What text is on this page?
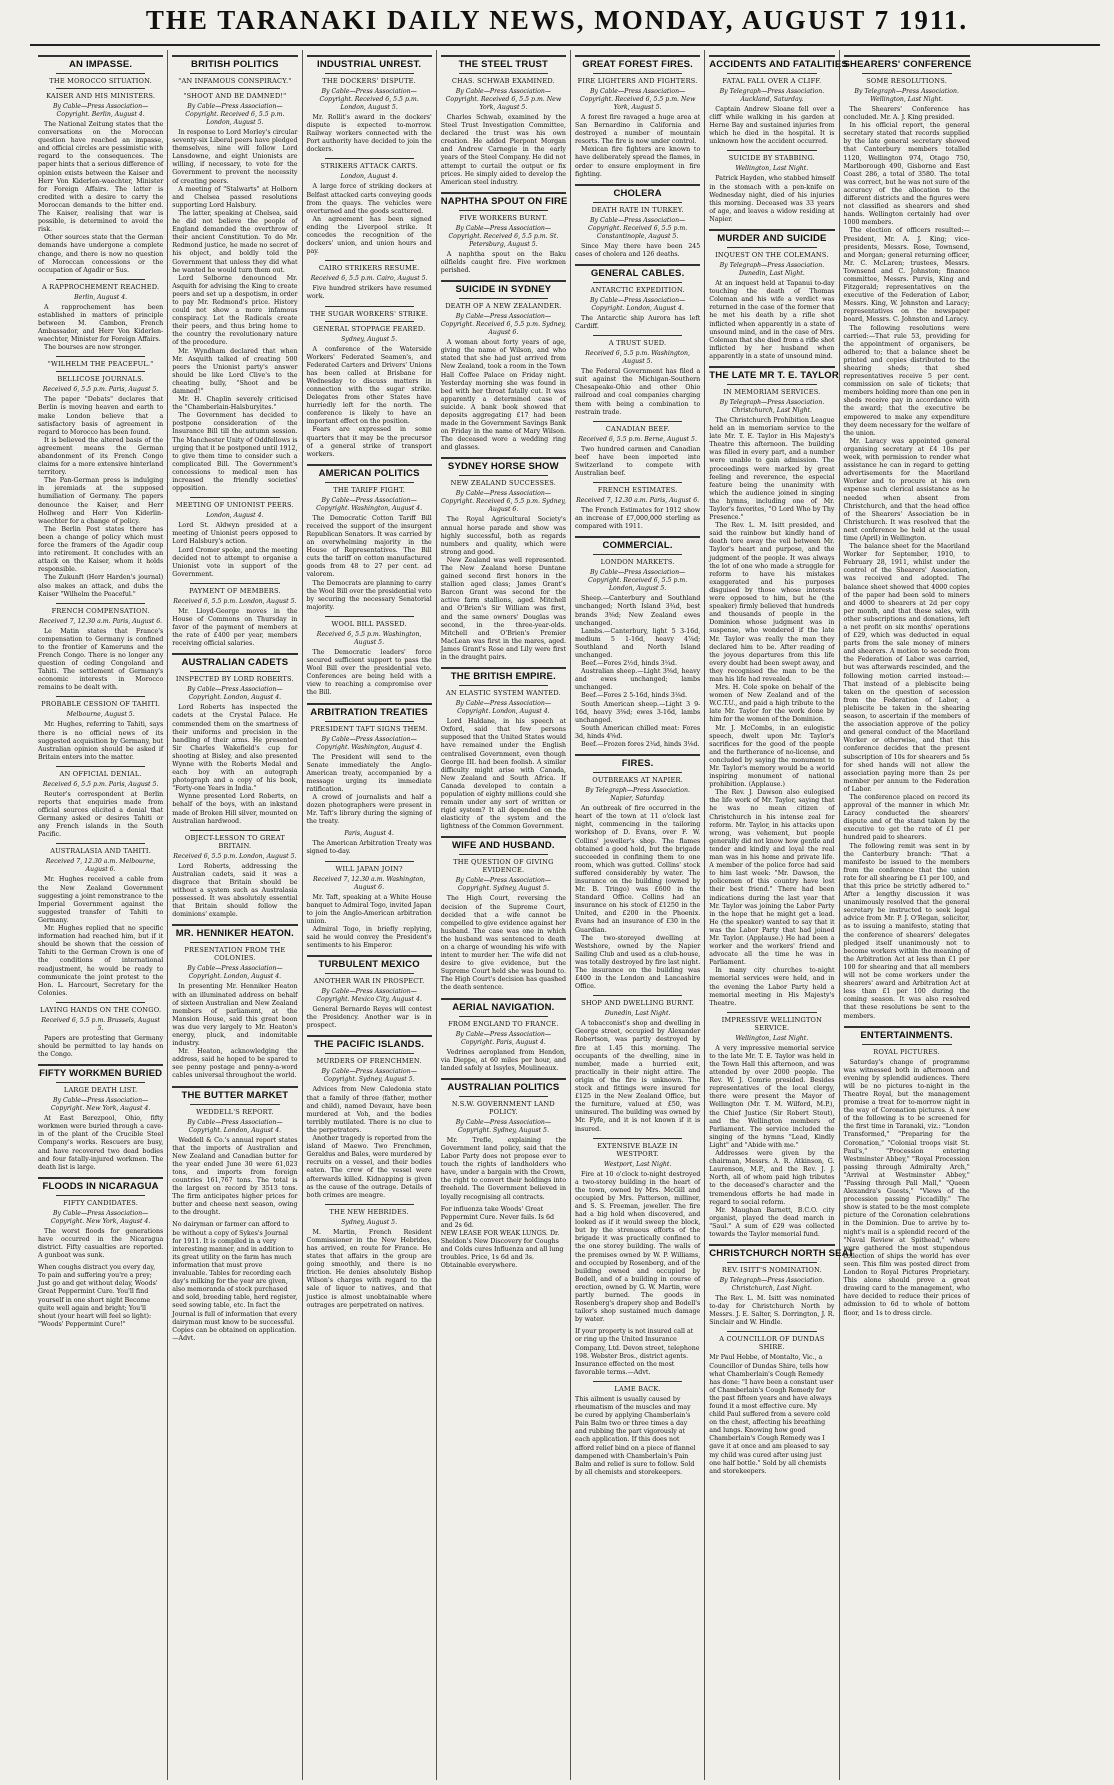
THE TARANAKI DAILY NEWS, MONDAY, AUGUST 7 1911.
AN IMPASSE.
THE MOROCCO SITUATION.
KAISER AND HIS MINISTERS.
By Cable—Press Association—Copyright. Berlin, August 4.

The National Zeitung states that the conversations on the Moroccan question have reached an impasse, and official circles are pessimistic with regard to the consequences. The paper hints that a serious difference of opinion exists between the Kaiser and Herr Von Kiderlen-waechter, Minister for Foreign Affairs. The latter is credited with a desire to carry the Moroccan demands to the bitter end. The Kaiser, realising that war is possible, is determined to avoid the risk.

Other sources state that the German demands have undergone a complete change, and there is now no question of Moroccan concessions or the occupation of Agadir or Sus.

A RAPPROCHEMENT REACHED.
Berlin, August 4.

A rapprochement has been established in matters of principle between M. Cambon, French Ambassador, and Herr Von Kiderlen-waechter, Minister for Foreign Affairs.

The bourses are now stronger.

"WILHELM THE PEACEFUL."
BELLICOSE JOURNALS.
Received 6, 5.5 p.m. Paris, August 5.

The paper "Debats" declares that Berlin is moving heaven and earth to make London believe that a satisfactory basis of agreement in regard to Morocco has been found.

It is believed the altered basis of the agreement means the German abandonment of its French Congo claims for a more extensive hinterland territory.

The Pan-German press is indulging in jeremiads at the supposed humiliation of Germany. The papers denounce the Kaiser, and Herr Hollweg and Herr Von Kiderlin-waechter for a change of policy.

The Berlin Post states there has been a change of policy which must force the framers of the Agadir coup into retirement. It concludes with an attack on the Kaiser, whom it holds responsible.

The Zukunft (Herr Harden's journal) also makes an attack, and dubs the Kaiser "Wilhelm the Peaceful."

FRENCH COMPENSATION.
Received 7, 12.30 a.m. Paris, August 6.

Le Matin states that France's compensation to Germany is confined to the frontier of Kameruns and the French Congo. There is no longer any question of ceding Congoland and Tahiti. The settlement of Germany's economic interests in Morocco remains to be dealt with.

PROBABLE CESSION OF TAHITI.
Melbourne, August 5.

Mr. Hughes, referring to Tahiti, says there is no official news of its suggested acquisition by Germany, but Australian opinion should be asked if Britain enters into the matter.

AN OFFICIAL DENIAL.
Received 6, 5.5 p.m. Paris, August 5.

Reuter's correspondent at Berlin reports that enquiries made from official sources elicited a denial that Germany asked or desires Tahiti or any French islands in the South Pacific.

AUSTRALASIA AND TAHITI.
Received 7, 12.30 a.m. Melbourne, August 6.

Mr. Hughes received a cable from the New Zealand Government suggesting a joint remonstrance to the Imperial Government against the suggested transfer of Tahiti to Germany.

Mr. Hughes replied that no specific information had reached him, but if it should be shown that the cession of Tahiti to the German Crown is one of the conditions of international readjustment, he would be ready to communicate the joint protest to the Hon. L. Harcourt, Secretary for the Colonies.

LAYING HANDS ON THE CONGO.
Received 6, 5.5 p.m. Brussels, August 5.

Papers are protesting that Germany should be permitted to lay hands on the Congo.

FIFTY WORKMEN BURIED
LARGE DEATH LIST.
By Cable—Press Association—Copyright. New York, August 4.

At East Berezpool, Ohio, fifty workmen were buried through a cave-in of the plant of the Crucible Steel Company's works. Rescuers are busy, and have recovered two dead bodies and four fatally-injured workmen. The death list is large.

FLOODS IN NICARAGUA
FIFTY CANDIDATES.
By Cable—Press Association—Copyright. New York, August 4.

The worst floods for generations have occurred in the Nicaragua district. Fifty casualties are reported. A gunboat was sunk.

When coughs distract you every day, To pain and suffering you're a prey; Just go and get without delay, Woods' Great Peppermint Cure. You'll find yourself in one short night Become quite well again and bright; You'll shout (your heart will feel so light): "Woods' Peppermint Cure!"

BRITISH POLITICS
"AN INFAMOUS CONSPIRACY."
"SHOOT AND BE DAMNED!"
By Cable—Press Association—Copyright. Received 6, 5.5 p.m. London, August 5.

In response to Lord Morley's circular seventy-six Liberal peers have pledged themselves, nine will follow Lord Lansdowne, and eight Unionists are willing, if necessary, to vote for the Government to prevent the necessity of creating peers.

A meeting of "Stalwarts" at Holborn and Chelsea passed resolutions supporting Lord Halsbury.

The latter, speaking at Chelsea, said he did not believe the people of England demanded the overthrow of their ancient Constitution. To do Mr. Redmond justice, he made no secret of his object, and boldly told the Government that unless they did what he wanted he would turn them out.

Lord Selborne denounced Mr. Asquith for advising the King to create peers and set up a despotism, in order to pay Mr. Redmond's price. History could not show a more infamous conspiracy. Let the Radicals create their peers, and thus bring home to the country the revolutionary nature of the procedure.

Mr. Wyndham declared that when Mr. Asquith talked of creating 500 peers the Unionist party's answer should be like Lord Clive's to the cheating bully, "Shoot and be damned!"

Mr. H. Chaplin severely criticised the "Chamberlain-Halsburyites."

The Government has decided to postpone consideration of the Insurance Bill till the autumn session. The Manchester Unity of Oddfellows is urging that it be postponed until 1912, to give them time to consider such a complicated Bill. The Government's concessions to medical men has increased the friendly societies' opposition.

MEETING OF UNIONIST PEERS.
London, August 4.

Lord St. Aldwyn presided at a meeting of Unionist peers opposed to Lord Halsbury's action.

Lord Cromer spoke, and the meeting decided not to attempt to organise a Unionist vote in support of the Government.

PAYMENT OF MEMBERS.
Received 6, 5.5 p.m. London, August 5.

Mr. Lloyd-George moves in the House of Commons on Thursday in favor of the payment of members at the rate of £400 per year, members receiving official salaries.

AUSTRALIAN CADETS
INSPECTED BY LORD ROBERTS.
By Cable—Press Association—Copyright. London, August 4.

Lord Roberts has inspected the cadets at the Crystal Palace. He commended them on the smartness of their uniforms and precision in the handling of their arms. He presented Sir Charles Wakefield's cup for shooting at Bisley, and also presented Wynne with the Roberts Medal and each boy with an autograph photograph and a copy of his book, "Forty-one Years in India."

Wynne presented Lord Roberts, on behalf of the boys, with an inkstand made of Broken Hill silver, mounted on Australian hardwood.

OBJECT-LESSON TO GREAT BRITAIN.
Received 6, 5.5 p.m. London, August 5.

Lord Roberts, addressing the Australian cadets, said it was a disgrace that Britain should be without a system such as Australasia possessed. It was absolutely essential that Britain should follow the dominions' example.

MR. HENNIKER HEATON.
PRESENTATION FROM THE COLONIES.
By Cable—Press Association—Copyright. London, August 4.

In presenting Mr. Henniker Heaton with an illuminated address on behalf of sixteen Australian and New Zealand members of parliament, at the Mansion House, said this great boon was due very largely to Mr. Heaton's energy, pluck, and indomitable industry.

Mr. Heaton, acknowledging the address, said he hoped to be spared to see penny postage and penny-a-word cables universal throughout the world.

THE BUTTER MARKET
WEDDELL'S REPORT.
By Cable—Press Association—Copyright. London, August 4.

Weddell & Co.'s annual report states that the imports of Australian and New Zealand and Canadian butter for the year ended June 30 were 61,023 tons, and imports from foreign countries 161,767 tons. The total is the largest on record by 3513 tons. The firm anticipates higher prices for butter and cheese next season, owing to the drought.

No dairyman or farmer can afford to be without a copy of Sykes's Journal for 1911. It is compiled in a very interesting manner, and in addition to its great utility on the farm has much information that must prove invaluable. Tables for recording each day's milking for the year are given, also memoranda of stock purchased and sold, breeding table, herd register, seed sowing table, etc. In fact the Journal is full of information that every dairyman must know to be successful. Copies can be obtained on application.—Advt.

INDUSTRIAL UNREST.
THE DOCKERS' DISPUTE.
By Cable—Press Association—Copyright. Received 6, 5.5 p.m. London, August 5.

Mr. Rollit's award in the dockers' dispute is expected to-morrow. Railway workers connected with the Port authority have decided to join the dockers.

STRIKERS ATTACK CARTS.
London, August 4.

A large force of striking dockers at Belfast attacked carts conveying goods from the quays. The vehicles were overturned and the goods scattered.

An agreement has been signed ending the Liverpool strike. It concedes the recognition of the dockers' union, and union hours and pay.

CAIRO STRIKERS RESUME.
Received 6, 5.5 p.m. Cairo, August 5.

Five hundred strikers have resumed work.

THE SUGAR WORKERS' STRIKE.
GENERAL STOPPAGE FEARED.
Sydney, August 5.

A conference of the Waterside Workers' Federated Seamen's, and Federated Carters and Drivers' Unions has been called at Brisbane for Wednesday to discuss matters in connection with the sugar strike. Delegates from other States have hurriedly left for the north. The conference is likely to have an important effect on the position.

Fears are expressed in some quarters that it may be the precursor of a general strike of transport workers.

AMERICAN POLITICS
THE TARIFF FIGHT.
By Cable—Press Association—Copyright. Washington, August 4.

The Democratic Cotton Tariff Bill received the support of the insurgent Republican Senators. It was carried by an overwhelming majority in the House of Representatives. The Bill cuts the tariff on cotton manufactured goods from 48 to 27 per cent. ad valorem.

The Democrats are planning to carry the Wool Bill over the presidential veto by securing the necessary Senatorial majority.

WOOL BILL PASSED.
Received 6, 5.5 p.m. Washington, August 5.

The Democratic leaders' force secured sufficient support to pass the Wool Bill over the presidential veto. Conferences are being held with a view to reaching a compromise over the Bill.

ARBITRATION TREATIES
PRESIDENT TAFT SIGNS THEM.
By Cable—Press Association—Copyright. Washington, August 4.

The President will send to the Senate immediately the Anglo-American treaty, accompanied by a message urging its immediate ratification.

A crowd of journalists and half a dozen photographers were present in Mr. Taft's library during the signing of the treaty.

Paris, August 4.

The American Arbitration Treaty was signed to-day.

WILL JAPAN JOIN?
Received 7, 12.30 a.m. Washington, August 6.

Mr. Taft, speaking at a White House banquet to Admiral Togo, invited Japan to join the Anglo-American arbitration union.

Admiral Togo, in briefly replying, said he would convey the President's sentiments to his Emperor.

TURBULENT MEXICO
ANOTHER WAR IN PROSPECT.
By Cable—Press Association—Copyright. Mexico City, August 4.

General Bernardo Reyes will contest the Presidency. Another war is in prospect.

THE PACIFIC ISLANDS.
MURDERS OF FRENCHMEN.
By Cable—Press Association—Copyright. Sydney, August 5.

Advices from New Caledonia state that a family of three (father, mother and child), named Devaux, have been murdered at Voh, and the bodies terribly mutilated. There is no clue to the perpetrators.

Another tragedy is reported from the island of Maewo. Two Frenchmen, Geraldus and Bales, were murdered by recruits on a vessel, and their bodies eaten. The crew of the vessel were afterwards killed. Kidnapping is given as the cause of the outrage. Details of both crimes are meagre.

THE NEW HEBRIDES.
Sydney, August 5.

M. Martin, French Resident Commissioner in the New Hebrides, has arrived, en route for France. He states that affairs in the group are going smoothly, and there is no friction. He denies absolutely Bishop Wilson's charges with regard to the sale of liquor to natives, and that justice is almost unobtainable where outrages are perpetrated on natives.

THE STEEL TRUST
CHAS. SCHWAB EXAMINED.
By Cable—Press Association—Copyright. Received 6, 5.5 p.m. New York, August 5.

Charles Schwab, examined by the Steel Trust Investigation Committee, declared the trust was his own creation. He added Pierpont Morgan and Andrew Carnegie in the early years of the Steel Company. He did not attempt to curtail the output or fix prices. He simply aided to develop the American steel industry.

NAPHTHA SPOUT ON FIRE
FIVE WORKERS BURNT.
By Cable—Press Association—Copyright. Received 6, 5.5 p.m. St. Petersburg, August 5.

A naphtha spout on the Baku oilfields caught fire. Five workmen perished.

SUICIDE IN SYDNEY
DEATH OF A NEW ZEALANDER.
By Cable—Press Association—Copyright. Received 6, 5.5 p.m. Sydney, August 6.

A woman about forty years of age, giving the name of Wilson, and who stated that she had just arrived from New Zealand, took a room in the Town Hall Coffee Palace on Friday night. Yesterday morning she was found in bed with her throat fatally cut. It was apparently a determined case of suicide. A bank book showed that deposits aggregating £17 had been made in the Government Savings Bank on Friday in the name of Mary Wilson. The deceased wore a wedding ring and glasses.

SYDNEY HORSE SHOW
NEW ZEALAND SUCCESSES.
By Cable—Press Association—Copyright. Received 6, 5.5 p.m. Sydney, August 6.

The Royal Agricultural Society's annual horse parade and show was highly successful, both as regards numbers and quality, which were strong and good.

New Zealand was well represented. The New Zealand horse Duntane gained second first honors in the stallion aged class; James Grant's Barcon Grant was second for the active farm stallions, aged. Mitchell and O'Brien's Sir William was first, and the same owners' Douglas was second, in the three-year-olds. Mitchell and O'Brien's Premier MacLean was first in the mares, aged. James Grant's Rose and Lily were first in the draught pairs.

THE BRITISH EMPIRE.
AN ELASTIC SYSTEM WANTED.
By Cable—Press Association—Copyright. London, August 4.

Lord Haldane, in his speech at Oxford, said that few persons supposed that the United States would have remained under the English centralised Government, even though George III. had been foolish. A similar difficulty might arise with Canada, New Zealand and South Africa. If Canada developed to contain a population of eighty millions could she remain under any sort of written or rigid system? It all depended on the elasticity of the system and the lightness of the Common Government.

WIFE AND HUSBAND.
THE QUESTION OF GIVING EVIDENCE.
By Cable—Press Association—Copyright. Sydney, August 5.

The High Court, reversing the decision of the Supreme Court, decided that a wife cannot be compelled to give evidence against her husband. The case was one in which the husband was sentenced to death on a charge of wounding his wife with intent to murder her. The wife did not desire to give evidence, but the Supreme Court held she was bound to. The High Court's decision has quashed the death sentence.

AERIAL NAVIGATION.
FROM ENGLAND TO FRANCE.
By Cable—Press Association—Copyright. Paris, August 4.

Vedrines aeroplaned from Hendon, via Dieppe, at 60 miles per hour, and landed safely at Issyles, Moulineaux.

AUSTRALIAN POLITICS
N.S.W. GOVERNMENT LAND POLICY.
By Cable—Press Association—Copyright. Sydney, August 5.

Mr. Trefle, explaining the Government land policy, said that the Labor Party does not propose ever to touch the rights of landholders who have, under a bargain with the Crown, the right to convert their holdings into freehold. The Government believed in loyally recognising all contracts.

For influenza take Woods' Great Peppermint Cure. Never fails. Is 6d and 2s 6d.

NEW LEASE FOR WEAK LUNGS. Dr. Sheldon's New Discovery for Coughs and Colds cures Influenza and all lung troubles. Price, 1s 6d and 3s. Obtainable everywhere.

GREAT FOREST FIRES.
FIRE LIGHTERS AND FIGHTERS.
By Cable—Press Association—Copyright. Received 6, 5.5 p.m. New York, August 5.

A forest fire ravaged a huge area at San Bernardino in California and destroyed a number of mountain resorts. The fire is now under control.

Mexican fire fighters are known to have deliberately spread the flames, in order to ensure employment in fire fighting.

CHOLERA
DEATH RATE IN TURKEY.
By Cable—Press Association—Copyright. Received 6, 5.5 p.m. Constantinople, August 5.

Since May there have been 245 cases of cholera and 126 deaths.

GENERAL CABLES.
ANTARCTIC EXPEDITION.
By Cable—Press Association—Copyright. London, August 4.

The Antarctic ship Aurora has left Cardiff.

A TRUST SUED.
Received 6, 5.5 p.m. Washington, August 5.

The Federal Government has filed a suit against the Michigan-Southern Chesapeake-Ohio and other Ohio railroad and coal companies charging them with being a combination to restrain trade.

CANADIAN BEEF.
Received 6, 5.5 p.m. Berne, August 5.

Two hundred carmen and Canadian beef have been imported into Switzerland to compete with Australian beef.

FRENCH ESTIMATES.
Received 7, 12.30 a.m. Paris, August 6.

The French Estimates for 1912 show an increase of £7,000,000 sterling as compared with 1911.

COMMERCIAL.
LONDON MARKETS.
By Cable—Press Association—Copyright. Received 6, 5.5 p.m. London, August 5.

Sheep.—Canterbury and Southland unchanged; North Island 3¾d, best brands 3⅝d; New Zealand ewes unchanged.

Lambs.—Canterbury, light 5 3-16d, medium 5 1-16d, heavy 4⅞d; Southland and North Island unchanged.

Beef.—Fores 2½d, hinds 3¼d.

Australian sheep.—Light 3⅝d, heavy and ewes unchanged; lambs unchanged.

Beef.—Fores 2 5-16d, hinds 3⅛d.

South American sheep.—Light 3 9-16d, heavy 3⅜d; ewes 3-16d, lambs unchanged.

South American chilled meat: Fores 3d, hinds 4⅝d.

Beef.—Frozen fores 2¼d, hinds 3⅛d.

FIRES.
OUTBREAKS AT NAPIER.
By Telegraph—Press Association. Napier, Saturday.

An outbreak of fire occurred in the heart of the town at 11 o'clock last night, commencing in the tailoring workshop of D. Evans, over F. W. Collins' jeweller's shop. The flames obtained a good hold, but the brigade succeeded in confining them to one room, which was gutted. Collins' stock suffered considerably by water. The insurance on the building (owned by Mr. B. Tringo) was £600 in the Standard Office. Collins had an insurance on his stock of £1250 in the United, and £200 in the Phoenix. Evans had an insurance of £30 in the Guardian.

The two-storeyed dwelling at Westshore, owned by the Napier Sailing Club and used as a club-house, was totally destroyed by fire last night. The insurance on the building was £400 in the London and Lancashire Office.

SHOP AND DWELLING BURNT.
Dunedin, Last Night.

A tobacconist's shop and dwelling in George street, occupied by Alexander Robertson, was partly destroyed by fire at 1.45 this morning. The occupants of the dwelling, nine in number, made a hurried exit, practically in their night attire. The origin of the fire is unknown. The stock and fittings were insured for £125 in the New Zealand Office, but the furniture, valued at £50, was uninsured. The building was owned by Mr. Fyfe, and it is not known if it is insured.

EXTENSIVE BLAZE IN WESTPORT.
Westport, Last Night.

Fire at 10 o'clock to-night destroyed a two-storey building in the heart of the town, owned by Mrs. McGill and occupied by Mrs. Patterson, milliner, and S. S. Freeman, jeweller. The fire had a big hold when discovered, and looked as if it would sweep the block, but by the strenuous efforts of the brigade it was practically confined to the one storey building. The walls of the premises owned by W. P. Williams, and occupied by Rosenberg, and of the building owned and occupied by Bodell, and of a building in course of erection, owned by G. W. Martin, were partly burned. The goods in Rosenberg's drapery shop and Bodell's tailor's shop sustained much damage by water.

If your property is not insured call at or ring up the United Insurance Company, Ltd. Devon street, telephone 198. Webster Bros., district agents. Insurance effected on the most favorable terms.—Advt.

LAME BACK.

This ailment is usually caused by rheumatism of the muscles and may be cured by applying Chamberlain's Pain Balm two or three times a day and rubbing the part vigorously at each application. If this does not afford relief bind on a piece of flannel dampened with Chamberlain's Pain Balm and relief is sure to follow. Sold by all chemists and storekeepers.

ACCIDENTS AND FATALITIES
FATAL FALL OVER A CLIFF.
By Telegraph—Press Association. Auckland, Saturday.

Captain Andrew Sloane fell over a cliff while walking in his garden at Herne Bay and sustained injuries from which he died in the hospital. It is unknown how the accident occurred.

SUICIDE BY STABBING.
Wellington, Last Night.

Patrick Hayden, who stabbed himself in the stomach with a pen-knife on Wednesday night, died of his injuries this morning. Deceased was 33 years of age, and leaves a widow residing at Napier.

MURDER AND SUICIDE
INQUEST ON THE COLEMANS.
By Telegraph—Press Association. Dunedin, Last Night.

At an inquest held at Tapanui to-day touching the death of Thomas Coleman and his wife a verdict was returned in the case of the former that he met his death by a rifle shot inflicted when apparently in a state of unsound mind, and in the case of Mrs. Coleman that she died from a rifle shot inflicted by her husband when apparently in a state of unsound mind.

THE LATE MR T. E. TAYLOR
IN MEMORIAM SERVICES.
By Telegraph—Press Association. Christchurch, Last Night.

The Christchurch Prohibition League held an in memoriam service to the late Mr. T. E. Taylor in His Majesty's Theatre this afternoon. The building was filled in every part, and a number were unable to gain admission. The proceedings were marked by great feeling and reverence, the especial feature being the unanimity with which the audience joined in singing the hymns, including one of Mr. Taylor's favorites, "O Lord Who by Thy Presence."

The Rev. L. M. Isitt presided, and said the rainbow but kindly hand of death tore away the veil between Mr. Taylor's heart and purpose, and the judgment of the people. It was always the lot of one who made a struggle for reform to have his mistakes exaggerated and his purposes disguised by those whose interests were opposed to him, but he (the speaker) firmly believed that hundreds and thousands of people in the Dominion whose judgment was in suspense, who wondered if the late Mr. Taylor was really the man they declared him to be. After reading of the joyous departures from this life every doubt had been swept away, and they recognised the man to be the man his life had revealed.

Mrs. H. Cole spoke on behalf of the women of New Zealand and of the W.C.T.U., and paid a high tribute to the late Mr. Taylor for the work done by him for the women of the Dominion.

Mr. J. McCombs, in an eulogistic speech, dwelt upon Mr. Taylor's sacrifices for the good of the people and the furtherance of no-license, and concluded by saying the monument to Mr. Taylor's memory would be a world inspiring monument of national prohibition. (Applause.)

The Rev. J. Dawson also eulogised the life work of Mr. Taylor, saying that he was no mean citizen of Christchurch in his intense zeal for reform. Mr. Taylor, in his attacks upon wrong, was vehement, but people generally did not know how gentle and tender and kindly and loyal the real man was in his home and private life. A member of the police force had said to him last week: "Mr. Dawson, the policemen of this country have lost their best friend." There had been indications during the last year that Mr. Taylor was joining the Labor Party in the hope that he might get a lead. He (the speaker) wanted to say that it was the Labor Party that had joined Mr. Taylor. (Applause.) He had been a worker and the workers' friend and advocate all the time he was in Parliament.

In many city churches to-night memorial services were held, and in the evening the Labor Party held a memorial meeting in His Majesty's Theatre.

IMPRESSIVE WELLINGTON SERVICE.
Wellington, Last Night.

A very impressive memorial service to the late Mr. T. E. Taylor was held in the Town Hall this afternoon, and was attended by over 2000 people. The Rev. W. J. Comrie presided. Besides representatives of the local clergy, there were present the Mayor of Wellington (Mr. T. M. Wilford, M.P.), the Chief Justice (Sir Robert Stout), and the Wellington members of Parliament. The service included the singing of the hymns "Lead, Kindly Light" and "Abide with me."

Addresses were given by the chairman, Messrs. A. R. Atkinson, G. Laurenson, M.P., and the Rev. J. J. North, all of whom paid high tributes to the deceased's character and the tremendous efforts he had made in regard to social reform.

Mr. Maughan Barnett, B.C.O. city organist, played the dead march in "Saul." A sum of £29 was collected towards the Taylor memorial fund.

CHRISTCHURCH NORTH SEAT
REV. ISITT'S NOMINATION.
By Telegraph—Press Association. Christchurch, Last Night.

The Rev. L. M. Isitt was nominated to-day for Christchurch North by Messrs. J. E. Salter, S. Dorrington, J. R. Sinclair and W. Hindle.

A COUNCILLOR OF DUNDAS SHIRE.

Mr Paul Hebbe, of Montalto, Vic., a Councillor of Dundas Shire, tells how what Chamberlain's Cough Remedy has done: "I have been a constant user of Chamberlain's Cough Remedy for the past fifteen years and have always found it a most effective cure. My child Paul suffered from a severe cold on the chest, affecting his breathing and lungs. Knowing how good Chamberlain's Cough Remedy was I gave it at once and am pleased to say my child was cured after using just one half bottle." Sold by all chemists and storekeepers.

SHEARERS' CONFERENCE
SOME RESOLUTIONS.
By Telegraph—Press Association. Wellington, Last Night.

The Shearers' Conference has concluded. Mr. A. J. King presided.

In his official report, the general secretary stated that records supplied by the late general secretary showed that Canterbury members totalled 1120, Wellington 974, Otago 750, Marlborough 490, Gisborne and East Coast 286, a total of 3580. The total was correct, but he was not sure of the accuracy of the allocation to the different districts and the figures were not classified as shearers and shed hands. Wellington certainly had over 1000 members.

The election of officers resulted:—President, Mr. A. J. King; vice-presidents, Messrs. Rose, Townsend, and Morgan; general returning officer, Mr. C. McLaren; trustees, Messrs. Townsend and C. Johnston; finance committee, Messrs. Purvis, King and Fitzgerald; representatives on the executive of the Federation of Labor, Messrs. King, W. Johnston and Laracy; representatives on the newspaper board, Messrs. C. Johnston and Laracy.

The following resolutions were carried:—That rule 53, providing for the appointment of organisers, be adhered to; that a balance sheet be printed and copies distributed to the shearing sheds; that shed representatives receive 5 per cent. commission on sale of tickets; that members holding more than one pen in sheds receive pay in accordance with the award; that the executive be empowered to make any expenditure they deem necessary for the welfare of the union.

Mr. Laracy was appointed general organising secretary at £4 10s per week, with permission to render what assistance he can in regard to getting advertisements for the Maoriland Worker and to procure at his own expense such clerical assistance as he needed when absent from Christchurch, and that the head office of the Shearers' Association be in Christchurch. It was resolved that the next conference be held at the usual time (April) in Wellington.

The balance sheet for the Maoriland Worker for September, 1910, to February 28, 1911, whilst under the control of the Shearers' Association, was received and adopted. The balance sheet showed that 4000 copies of the paper had been sold to miners and 4000 to shearers at 2d per copy per month, and that these sales, with other subscriptions and donations, left a net profit on six months' operations of £29, which was deducted in equal parts from the sale money of miners and shearers. A motion to secede from the Federation of Labor was carried, but was afterwards rescinded, and the following motion carried instead:—That instead of a plebiscite being taken on the question of secession from the Federation of Labor, a plebiscite be taken in the shearing season, to ascertain if the members of the association approve of the policy and general conduct of the Maoriland Worker or otherwise, and that this conference decides that the present subscription of 10s for shearers and 5s for shed hands will not allow the association paying more than 2s per member per annum to the Federation of Labor.

The conference placed on record its approval of the manner in which Mr. Laracy conducted the shearers' dispute and of the stand taken by the executive to get the rate of £1 per hundred paid to shearers.

The following remit was sent in by the Canterbury branch: "That a manifesto be issued to the members from the conference that the union rate for all shearing be £1 per 100, and that this price be strictly adhered to." After a lengthy discussion it was unanimously resolved that the general secretary be instructed to seek legal advice from Mr. P. J. O'Regan, solicitor, as to issuing a manifesto, stating that the conference of shearers' delegates pledged itself unanimously not to become workers within the meaning of the Arbitration Act at less than £1 per 100 for shearing and that all members will not be come workers under the shearers' award and Arbitration Act at less than £1 per 100 during the coming season. It was also resolved that these resolutions be sent to the members.

ENTERTAINMENTS.
ROYAL PICTURES.

Saturday's change of programme was witnessed both in afternoon and evening by splendid audiences. There will be no pictures to-night in the Theatre Royal, but the management promise a treat for to-morrow night in the way of Coronation pictures. A new of the following is to be screened for the first time in Taranaki, viz.: "London Transformed," "Preparing for the Coronation," "Colonial troops visit St. Paul's," "Procession entering Westminster Abbey," "Royal Procession passing through Admiralty Arch," "Arrival at Westminster Abbey," "Passing through Pall Mall," "Queen Alexandra's Guests," "Views of the procession passing Piccadilly." The show is stated to be the most complete picture of the Coronation celebrations in the Dominion. Due to arrive by to-night's mail is a splendid record of the "Naval Review at Spithead," where were gathered the most stupendous collection of ships the world has ever seen. This film was posted direct from London to Royal Pictures Proprietary. This alone should prove a great drawing card to the management, who have decided to reduce their prices of admission to 6d to whole of bottom floor, and 1s to dress circle.
